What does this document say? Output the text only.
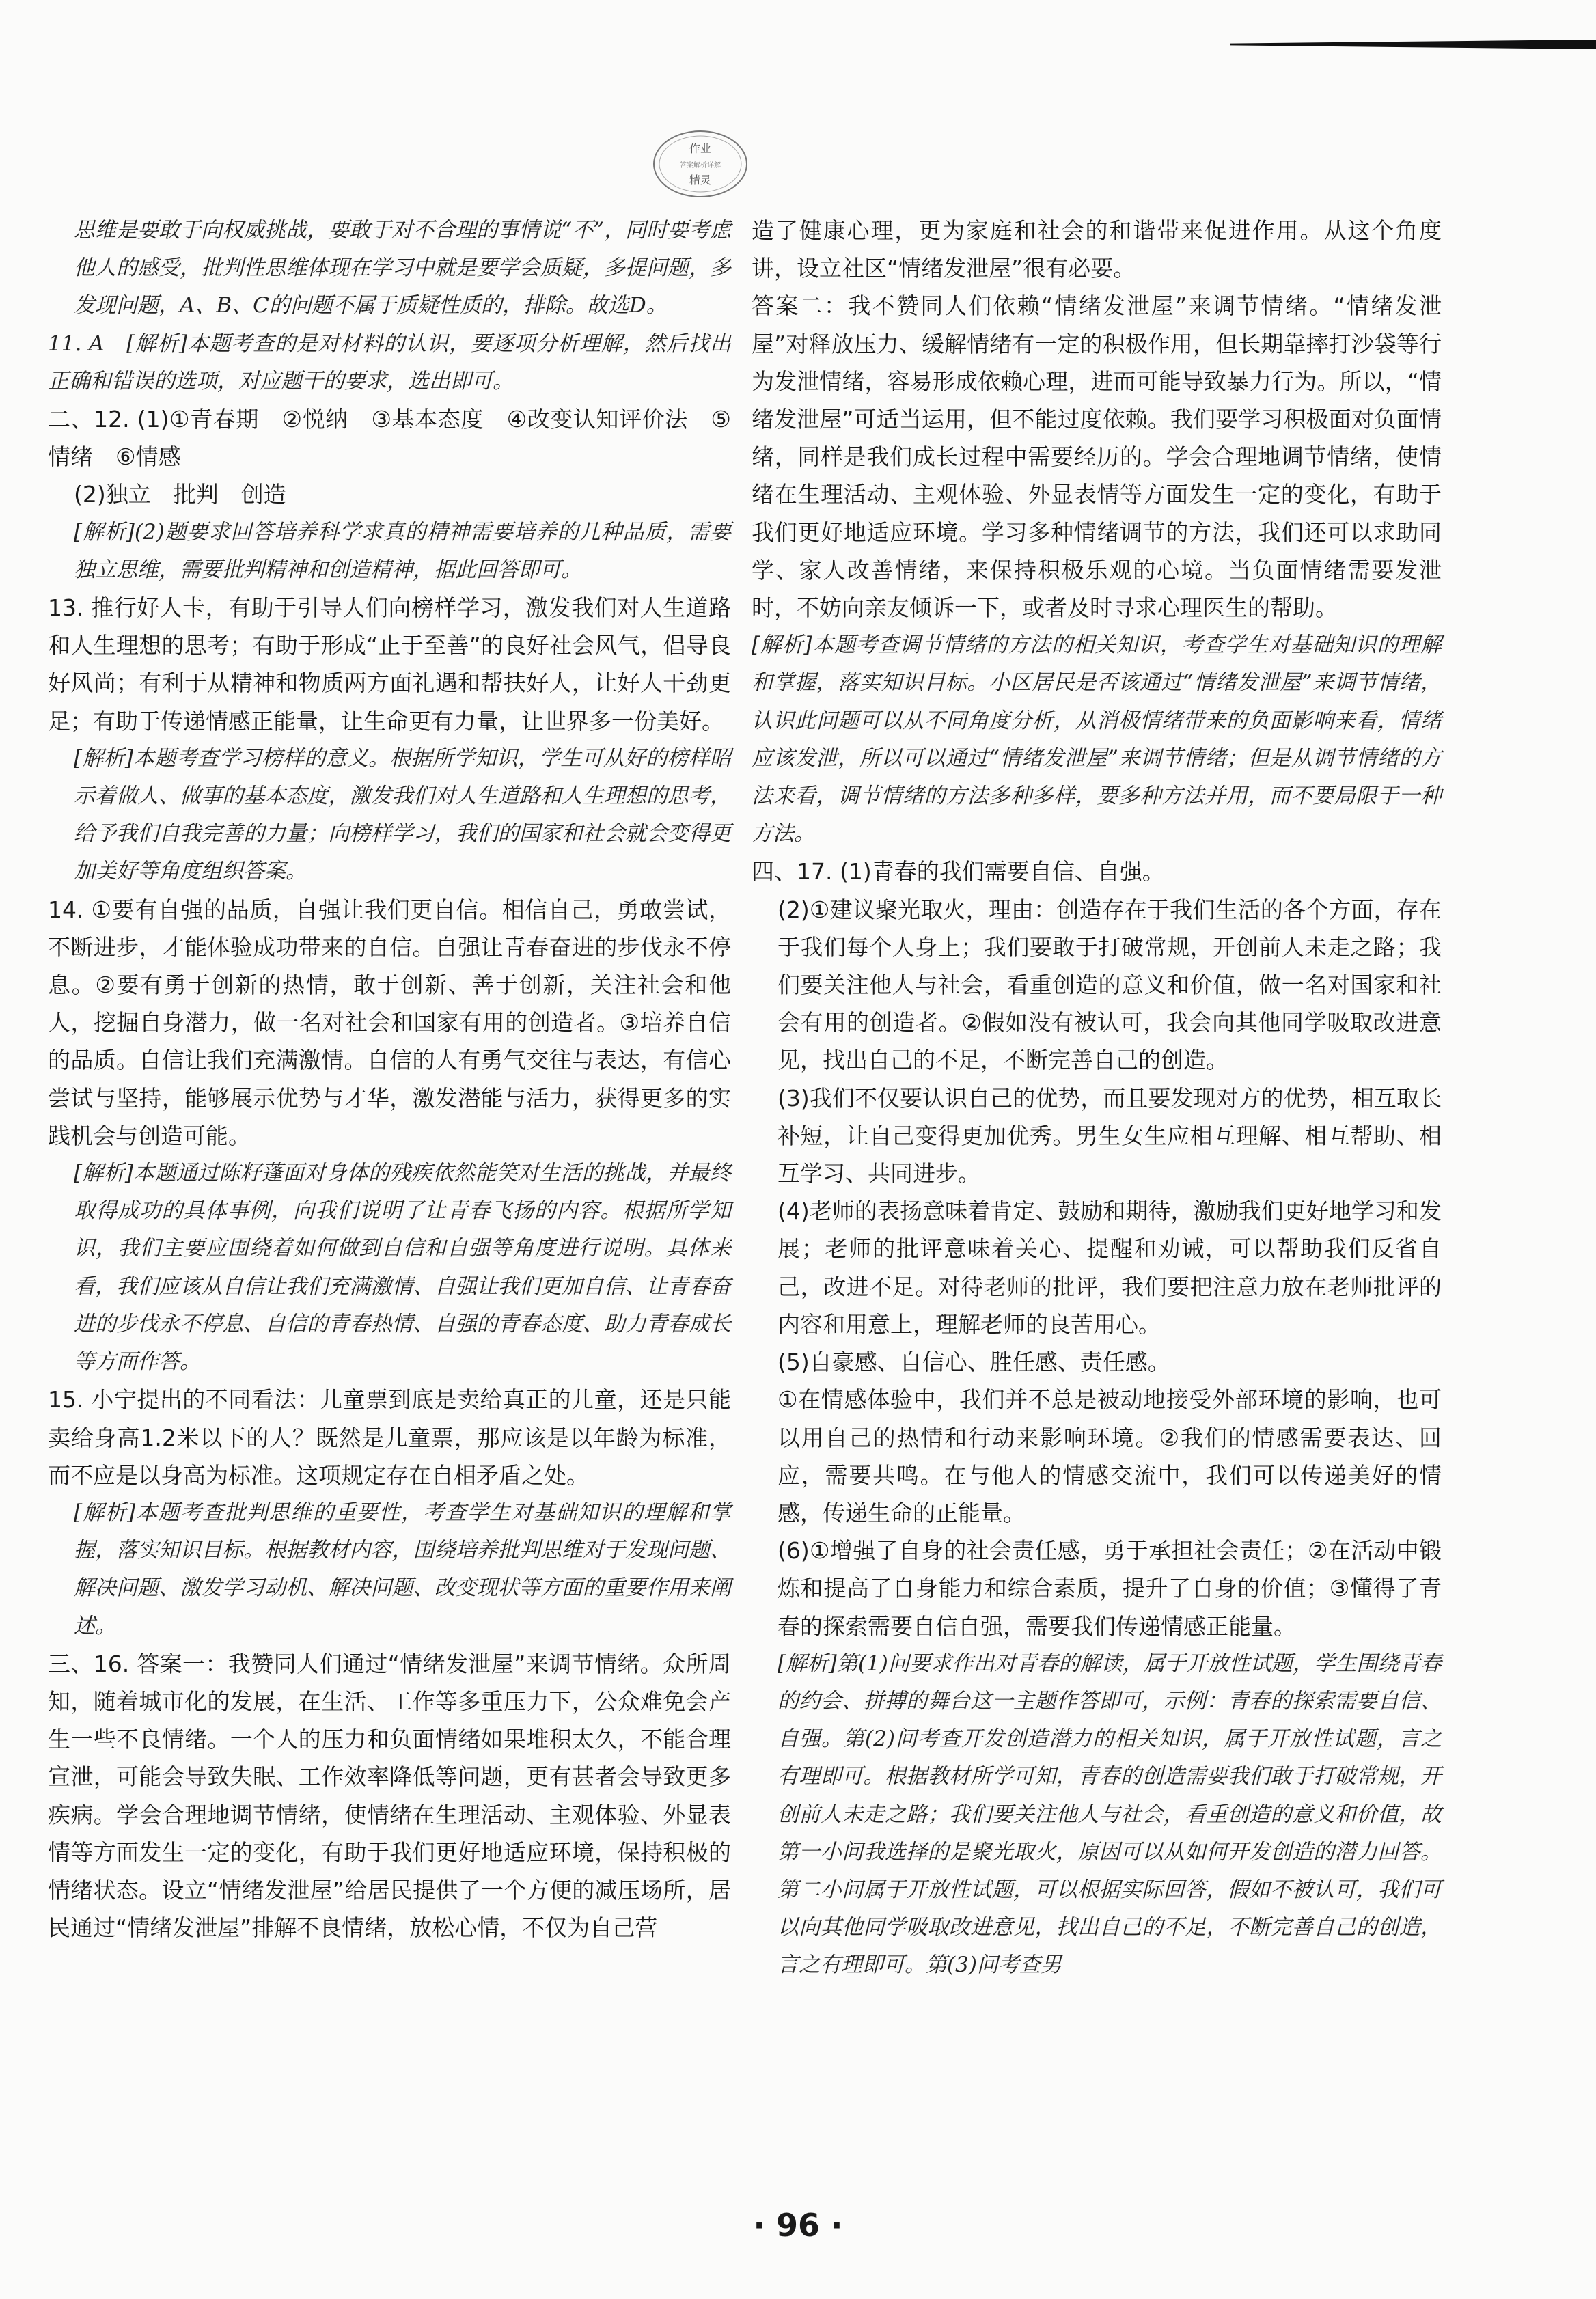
作业
答案解析详解
精灵

思维是要敢于向权威挑战，要敢于对不合理的事情说“不”，同时要考虑他人的感受，批判性思维体现在学习中就是要学会质疑，多提问题，多发现问题，A、B、C的问题不属于质疑性质的，排除。故选D。

11. A　[解析]本题考查的是对材料的认识，要逐项分析理解，然后找出正确和错误的选项，对应题干的要求，选出即可。

二、12. (1)①青春期　②悦纳　③基本态度　④改变认知评价法　⑤情绪　⑥情感

(2)独立　批判　创造

[解析](2)题要求回答培养科学求真的精神需要培养的几种品质，需要独立思维，需要批判精神和创造精神，据此回答即可。

13. 推行好人卡，有助于引导人们向榜样学习，激发我们对人生道路和人生理想的思考；有助于形成“止于至善”的良好社会风气，倡导良好风尚；有利于从精神和物质两方面礼遇和帮扶好人，让好人干劲更足；有助于传递情感正能量，让生命更有力量，让世界多一份美好。

[解析]本题考查学习榜样的意义。根据所学知识，学生可从好的榜样昭示着做人、做事的基本态度，激发我们对人生道路和人生理想的思考，给予我们自我完善的力量；向榜样学习，我们的国家和社会就会变得更加美好等角度组织答案。

14. ①要有自强的品质，自强让我们更自信。相信自己，勇敢尝试，不断进步，才能体验成功带来的自信。自强让青春奋进的步伐永不停息。②要有勇于创新的热情，敢于创新、善于创新，关注社会和他人，挖掘自身潜力，做一名对社会和国家有用的创造者。③培养自信的品质。自信让我们充满激情。自信的人有勇气交往与表达，有信心尝试与坚持，能够展示优势与才华，激发潜能与活力，获得更多的实践机会与创造可能。

[解析]本题通过陈籽蓬面对身体的残疾依然能笑对生活的挑战，并最终取得成功的具体事例，向我们说明了让青春飞扬的内容。根据所学知识，我们主要应围绕着如何做到自信和自强等角度进行说明。具体来看，我们应该从自信让我们充满激情、自强让我们更加自信、让青春奋进的步伐永不停息、自信的青春热情、自强的青春态度、助力青春成长等方面作答。

15. 小宁提出的不同看法：儿童票到底是卖给真正的儿童，还是只能卖给身高1.2米以下的人？既然是儿童票，那应该是以年龄为标准，而不应是以身高为标准。这项规定存在自相矛盾之处。

[解析]本题考查批判思维的重要性，考查学生对基础知识的理解和掌握，落实知识目标。根据教材内容，围绕培养批判思维对于发现问题、解决问题、激发学习动机、解决问题、改变现状等方面的重要作用来阐述。

三、16. 答案一：我赞同人们通过“情绪发泄屋”来调节情绪。众所周知，随着城市化的发展，在生活、工作等多重压力下，公众难免会产生一些不良情绪。一个人的压力和负面情绪如果堆积太久，不能合理宣泄，可能会导致失眠、工作效率降低等问题，更有甚者会导致更多疾病。学会合理地调节情绪，使情绪在生理活动、主观体验、外显表情等方面发生一定的变化，有助于我们更好地适应环境，保持积极的情绪状态。设立“情绪发泄屋”给居民提供了一个方便的减压场所，居民通过“情绪发泄屋”排解不良情绪，放松心情，不仅为自己营

造了健康心理，更为家庭和社会的和谐带来促进作用。从这个角度讲，设立社区“情绪发泄屋”很有必要。

答案二：我不赞同人们依赖“情绪发泄屋”来调节情绪。“情绪发泄屋”对释放压力、缓解情绪有一定的积极作用，但长期靠摔打沙袋等行为发泄情绪，容易形成依赖心理，进而可能导致暴力行为。所以，“情绪发泄屋”可适当运用，但不能过度依赖。我们要学习积极面对负面情绪，同样是我们成长过程中需要经历的。学会合理地调节情绪，使情绪在生理活动、主观体验、外显表情等方面发生一定的变化，有助于我们更好地适应环境。学习多种情绪调节的方法，我们还可以求助同学、家人改善情绪，来保持积极乐观的心境。当负面情绪需要发泄时，不妨向亲友倾诉一下，或者及时寻求心理医生的帮助。

[解析]本题考查调节情绪的方法的相关知识，考查学生对基础知识的理解和掌握，落实知识目标。小区居民是否该通过“情绪发泄屋”来调节情绪，认识此问题可以从不同角度分析，从消极情绪带来的负面影响来看，情绪应该发泄，所以可以通过“情绪发泄屋”来调节情绪；但是从调节情绪的方法来看，调节情绪的方法多种多样，要多种方法并用，而不要局限于一种方法。

四、17. (1)青春的我们需要自信、自强。

(2)①建议聚光取火，理由：创造存在于我们生活的各个方面，存在于我们每个人身上；我们要敢于打破常规，开创前人未走之路；我们要关注他人与社会，看重创造的意义和价值，做一名对国家和社会有用的创造者。②假如没有被认可，我会向其他同学吸取改进意见，找出自己的不足，不断完善自己的创造。

(3)我们不仅要认识自己的优势，而且要发现对方的优势，相互取长补短，让自己变得更加优秀。男生女生应相互理解、相互帮助、相互学习、共同进步。

(4)老师的表扬意味着肯定、鼓励和期待，激励我们更好地学习和发展；老师的批评意味着关心、提醒和劝诫，可以帮助我们反省自己，改进不足。对待老师的批评，我们要把注意力放在老师批评的内容和用意上，理解老师的良苦用心。

(5)自豪感、自信心、胜任感、责任感。

①在情感体验中，我们并不总是被动地接受外部环境的影响，也可以用自己的热情和行动来影响环境。②我们的情感需要表达、回应，需要共鸣。在与他人的情感交流中，我们可以传递美好的情感，传递生命的正能量。

(6)①增强了自身的社会责任感，勇于承担社会责任；②在活动中锻炼和提高了自身能力和综合素质，提升了自身的价值；③懂得了青春的探索需要自信自强，需要我们传递情感正能量。

[解析]第(1)问要求作出对青春的解读，属于开放性试题，学生围绕青春的约会、拼搏的舞台这一主题作答即可，示例：青春的探索需要自信、自强。第(2)问考查开发创造潜力的相关知识，属于开放性试题，言之有理即可。根据教材所学可知，青春的创造需要我们敢于打破常规，开创前人未走之路；我们要关注他人与社会，看重创造的意义和价值，故第一小问我选择的是聚光取火，原因可以从如何开发创造的潜力回答。第二小问属于开放性试题，可以根据实际回答，假如不被认可，我们可以向其他同学吸取改进意见，找出自己的不足，不断完善自己的创造，言之有理即可。第(3)问考查男

· 96 ·
